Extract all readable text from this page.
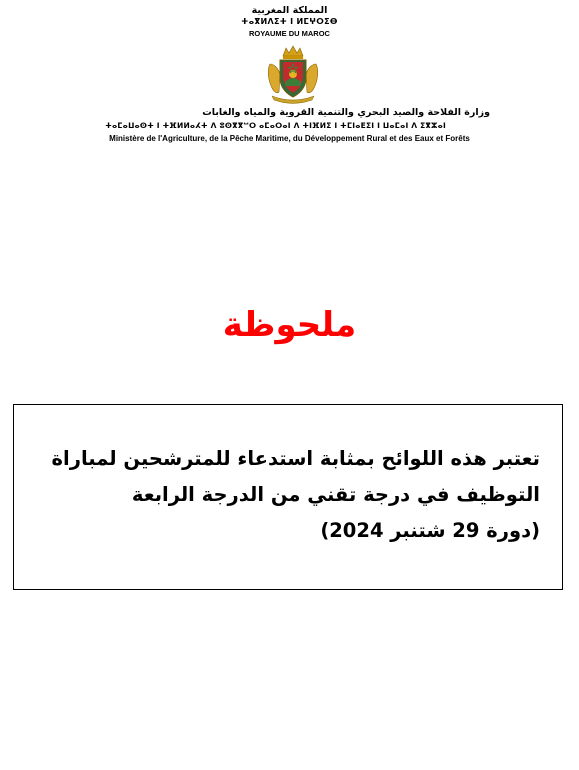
المملكة المغربية
ⵜⴰⴳⵍⴷⵉⵜ ⵏ ⵍⵎⵖⵔⵉⴱ
ROYAUME DU MAROC
وزارة الفلاحة والصيد البحري والتنمية القروية والمياه والغابات
ⵜⴰⵎⴰⵡⴰⵙⵜ ⵏ ⵜⴼⵍⵍⴰⵃⵜ ⴷ ⵓⵙⴳⴳⵯⵔ ⴰⵎⴰⵔⴰⵏ ⴷ ⵜⵏⴼⵍⵉ ⵏ ⵜⵎⵏⴰⴹⵉⵏ ⵏ ⵡⴰⵎⴰⵏ ⴷ ⵉⴳⵣⴰⵏ
Ministère de l'Agriculture, de la Pêche Maritime, du Développement Rural et des Eaux et Forêts
ملحوظة
تعتبر هذه اللوائح بمثابة استدعاء للمترشحين لمباراة
التوظيف في درجة تقني من الدرجة الرابعة
(دورة 29 شتنبر 2024)
